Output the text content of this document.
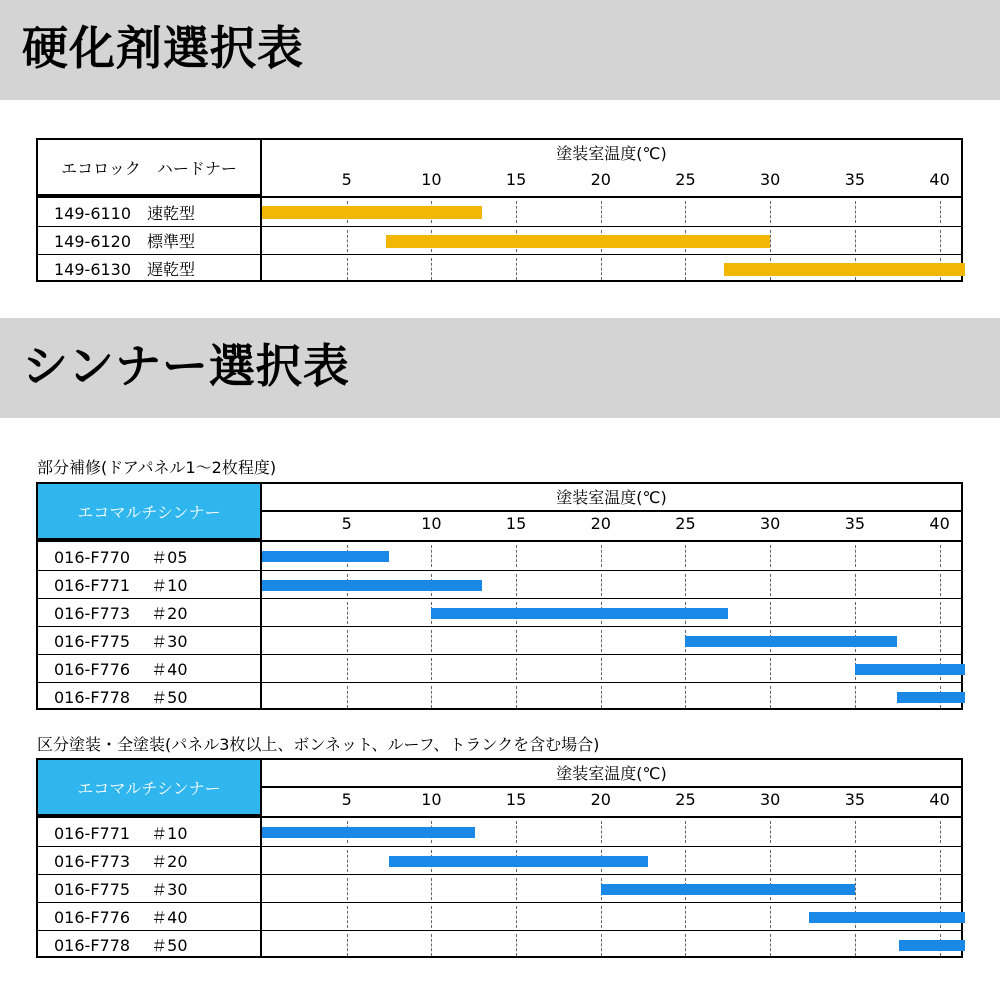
硬化剤選択表
シンナー選択表
部分補修(ドアパネル1～2枚程度)
区分塗装・全塗装(パネル3枚以上、ボンネット、ルーフ、トランクを含む場合)
エコロック　ハードナー
塗装室温度(℃)
5	10	15	20	25	30	35	40
149-6110　速乾型
149-6120　標準型
149-6130　遅乾型
エコマルチシンナー
塗装室温度(℃)
5	10	15	20	25	30	35	40
016-F770　 ＃05
016-F771　 ＃10
016-F773　 ＃20
016-F775　 ＃30
016-F776　 ＃40
016-F778　 ＃50
エコマルチシンナー
塗装室温度(℃)
5	10	15	20	25	30	35	40
016-F771　 ＃10
016-F773　 ＃20
016-F775　 ＃30
016-F776　 ＃40
016-F778　 ＃50
